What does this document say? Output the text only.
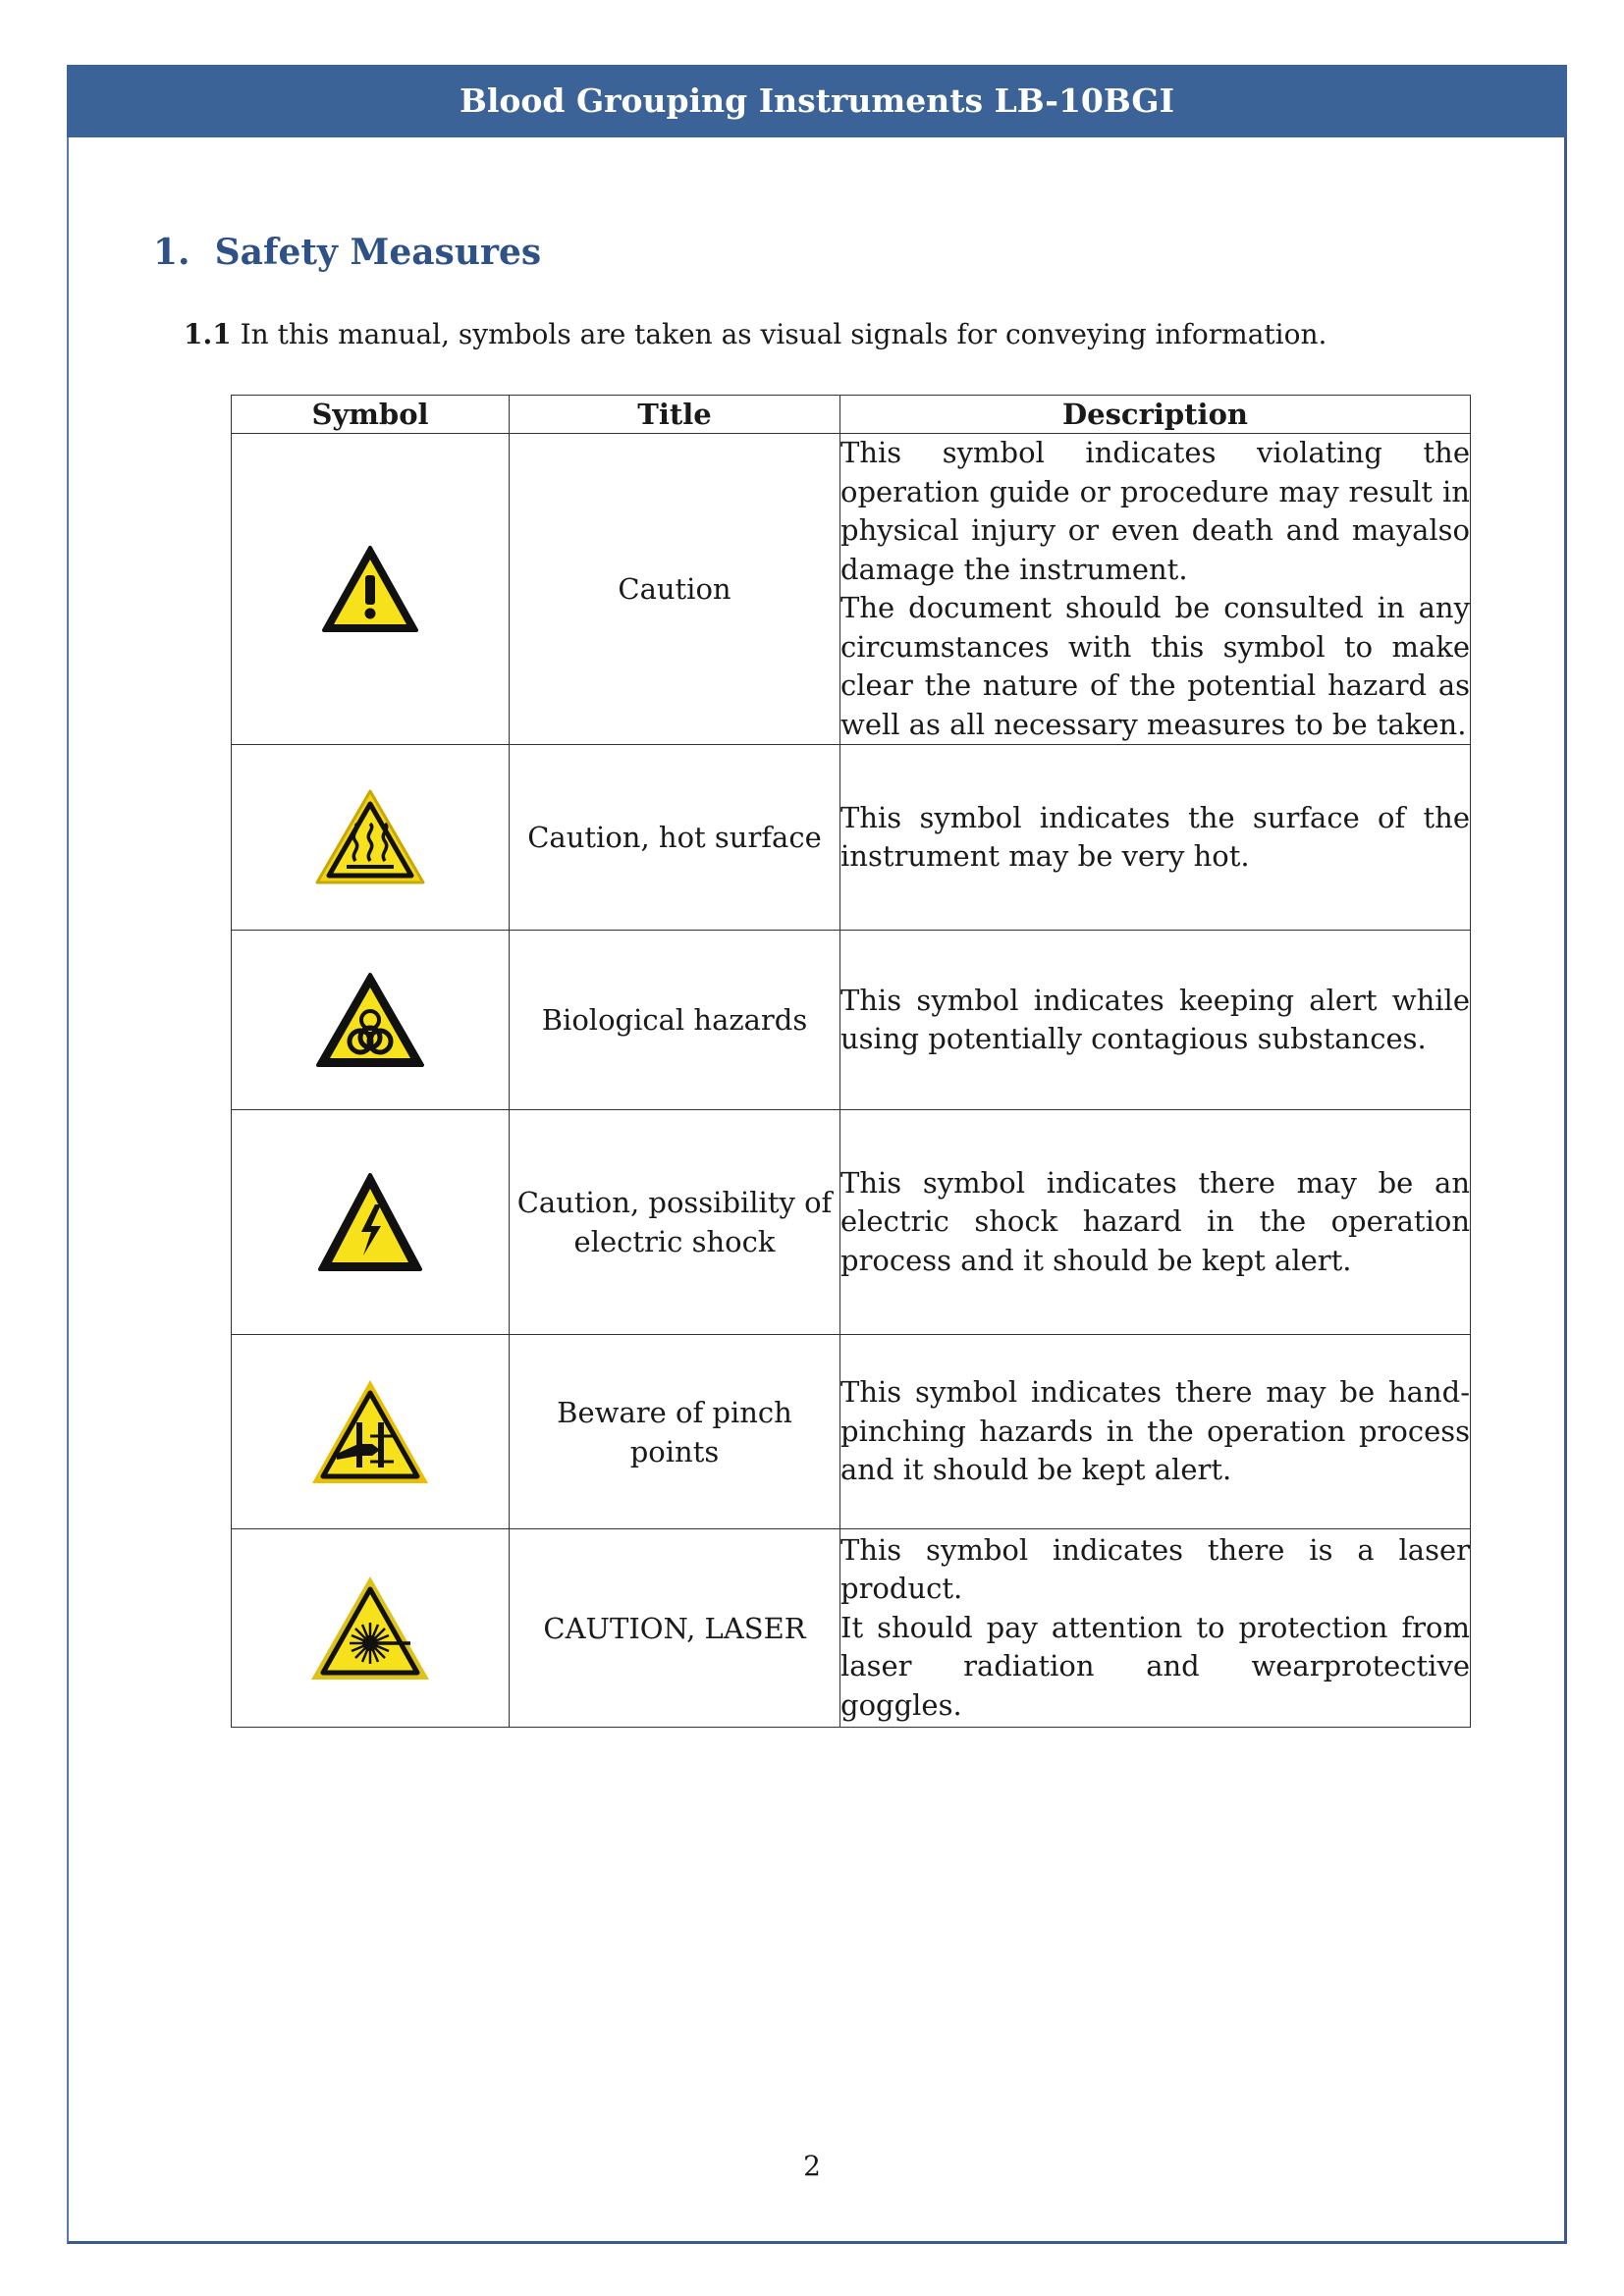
Blood Grouping Instruments LB-10BGI
1. Safety Measures
1.1 In this manual, symbols are taken as visual signals for conveying information.
Symbol	Title	Description
	Caution	This symbol indicates violating the operation guide or procedure may result in physical injury or even death and mayalso damage the instrument.
The document should be consulted in any circumstances with this symbol to make clear the nature of the potential hazard as well as all necessary measures to be taken.

	Caution, hot surface	This symbol indicates the surface of the instrument may be very hot.
	Biological hazards	This symbol indicates keeping alert while using potentially contagious substances.
	Caution, possibility of electric shock	This symbol indicates there may be an electric shock hazard in the operation process and it should be kept alert.
	Beware of pinch points	This symbol indicates there may be hand-pinching hazards in the operation process and it should be kept alert.
	CAUTION, LASER	This symbol indicates there is a laser product.
It should pay attention to protection from laser radiation and wearprotective goggles.
2
